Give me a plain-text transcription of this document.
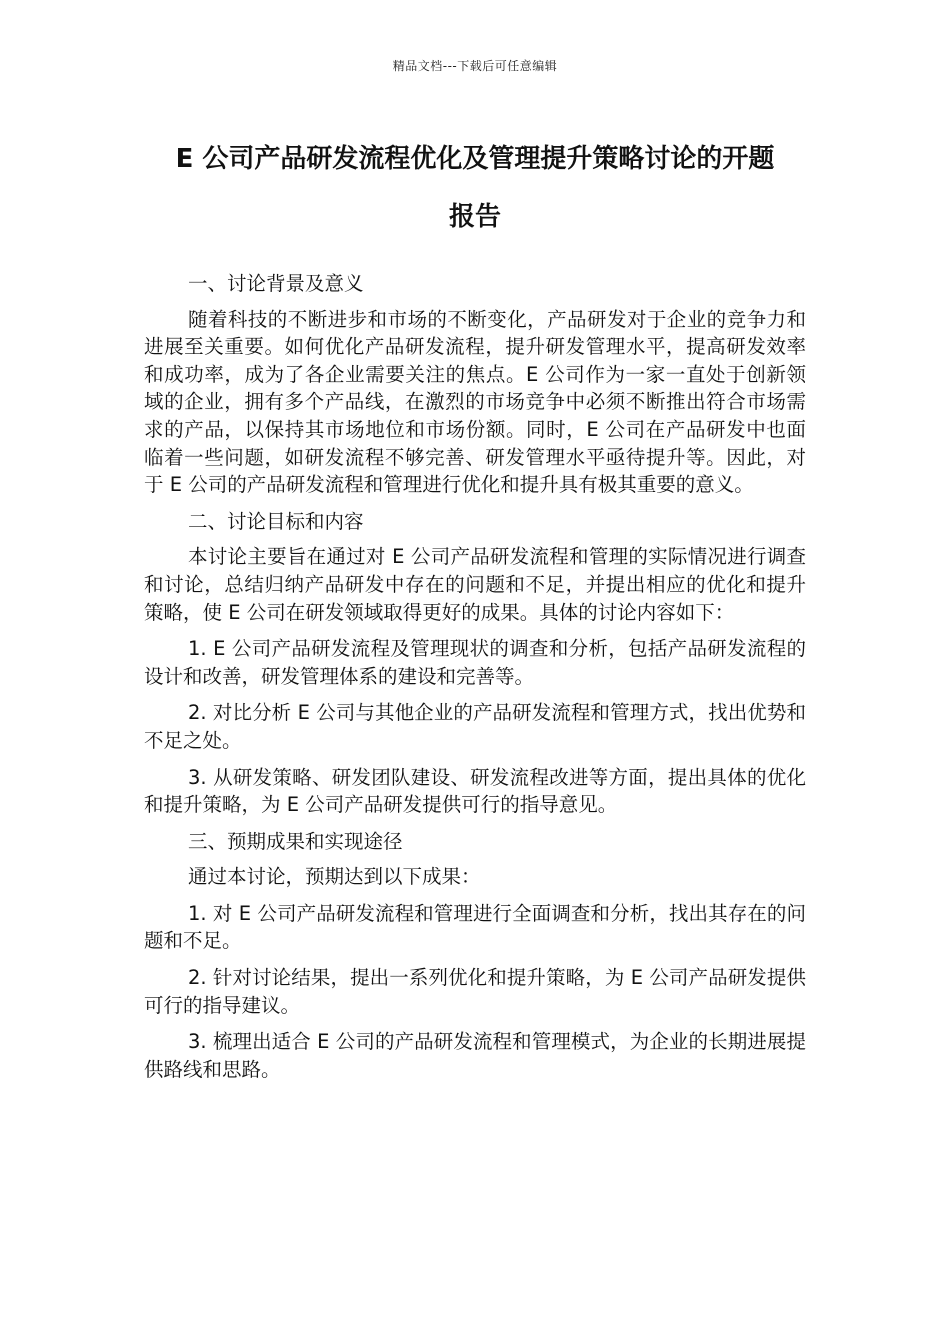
精品文档---下载后可任意编辑
E 公司产品研发流程优化及管理提升策略讨论的开题
报告

一、讨论背景及意义

随着科技的不断进步和市场的不断变化，产品研发对于企业的竞争力和进展至关重要。如何优化产品研发流程，提升研发管理水平，提高研发效率和成功率，成为了各企业需要关注的焦点。E 公司作为一家一直处于创新领域的企业，拥有多个产品线，在激烈的市场竞争中必须不断推出符合市场需求的产品，以保持其市场地位和市场份额。同时，E 公司在产品研发中也面临着一些问题，如研发流程不够完善、研发管理水平亟待提升等。因此，对于 E 公司的产品研发流程和管理进行优化和提升具有极其重要的意义。

二、讨论目标和内容

本讨论主要旨在通过对 E 公司产品研发流程和管理的实际情况进行调查和讨论，总结归纳产品研发中存在的问题和不足，并提出相应的优化和提升策略，使 E 公司在研发领域取得更好的成果。具体的讨论内容如下：

1. E 公司产品研发流程及管理现状的调查和分析，包括产品研发流程的设计和改善，研发管理体系的建设和完善等。

2. 对比分析 E 公司与其他企业的产品研发流程和管理方式，找出优势和不足之处。

3. 从研发策略、研发团队建设、研发流程改进等方面，提出具体的优化和提升策略，为 E 公司产品研发提供可行的指导意见。

三、预期成果和实现途径

通过本讨论，预期达到以下成果：

1. 对 E 公司产品研发流程和管理进行全面调查和分析，找出其存在的问题和不足。

2. 针对讨论结果，提出一系列优化和提升策略，为 E 公司产品研发提供可行的指导建议。

3. 梳理出适合 E 公司的产品研发流程和管理模式，为企业的长期进展提供路线和思路。
